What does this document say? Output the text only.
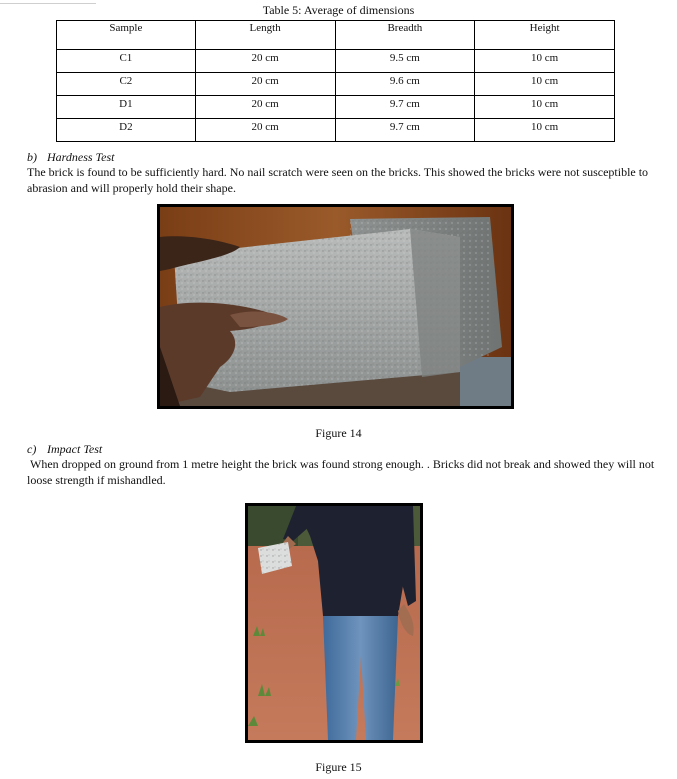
Table 5: Average of dimensions
Sample	Length	Breadth	Height
C1	20 cm	9.5 cm	10 cm
C2	20 cm	9.6 cm	10 cm
D1	20 cm	9.7 cm	10 cm
D2	20 cm	9.7 cm	10 cm
b) Hardness Test
The brick is found to be sufficiently hard. No nail scratch were seen on the bricks. This showed the bricks were not susceptible to abrasion and will properly hold their shape.
Figure 14
c) Impact Test
When dropped on ground from 1 metre height the brick was found strong enough. . Bricks did not break and showed they will not loose strength if mishandled.
Figure 15
